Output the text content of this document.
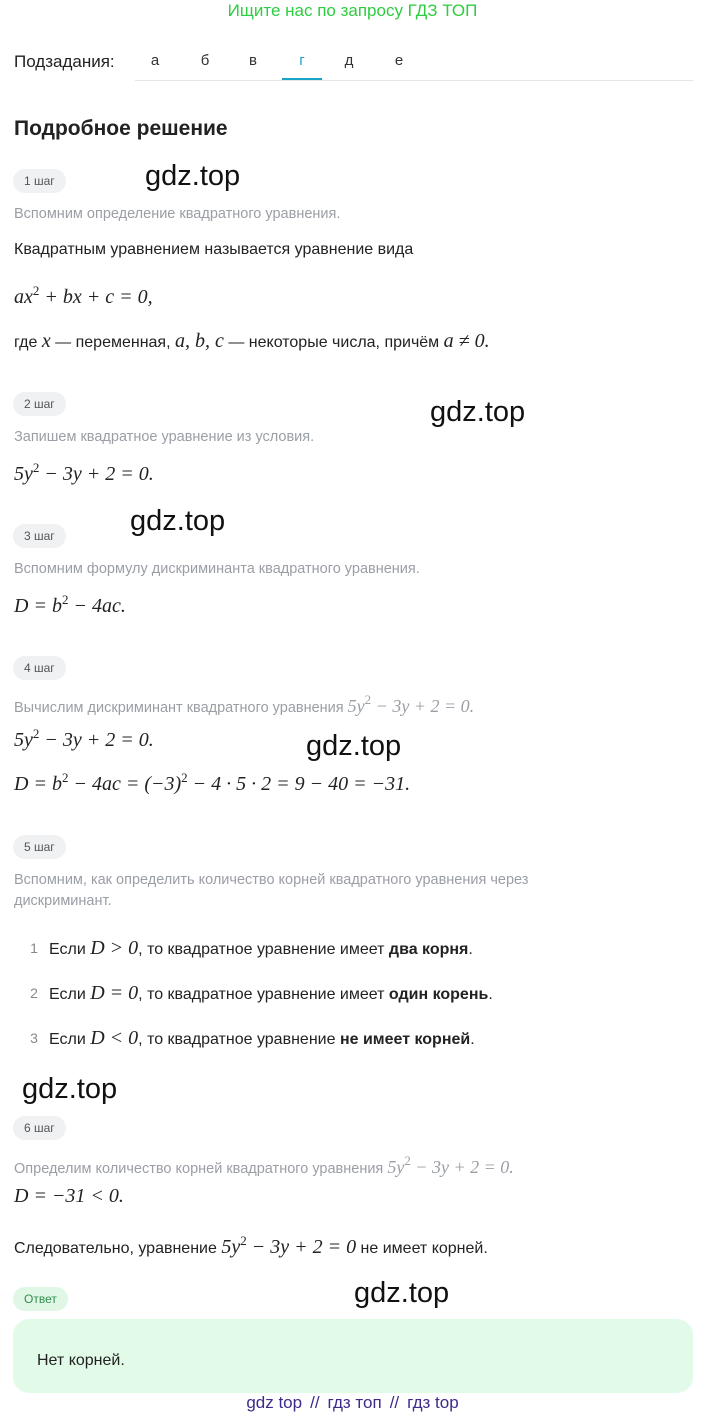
Ищите нас по запросу ГДЗ ТОП
Подзадания:	а	б	в	г	д	е
Подробное решение
1 шаг	gdz.top
Вспомним определение квадратного уравнения.
Квадратным уравнением называется уравнение вида
$ax^2$ + bx + c = 0,
где x — переменная, a, b, c — некоторые числа, причём a ≠ 0.
2 шаг	gdz.top
Запишем квадратное уравнение из условия.
$5y^2 - 3y + 2 = 0$.
gdz.top
3 шаг
Вспомним формулу дискриминанта квадратного уравнения.
$D = b^2 - 4ac$.
4 шаг
Вычислим дискриминант квадратного уравнения $5y^2 - 3y + 2 = 0$.
$5y^2 - 3y + 2 = 0$.	gdz.top
$D = b^2 - 4ac = (-3)^2 - 4 \cdot 5 \cdot 2 = 9 - 40 = -31$.
5 шаг
Вспомним, как определить количество корней квадратного уравнения через
дискриминант.
1 Если D > 0, то квадратное уравнение имеет два корня.
2 Если D = 0, то квадратное уравнение имеет один корень.
3 Если D < 0, то квадратное уравнение не имеет корней.
gdz.top
6 шаг
Определим количество корней квадратного уравнения $5y^2 - 3y + 2 = 0$.
D = −31 < 0.
Следовательно, уравнение $5y^2 - 3y + 2 = 0$ не имеет корней.
Ответ	gdz.top
Нет корней.
gdz top // гдз топ // гдз top
